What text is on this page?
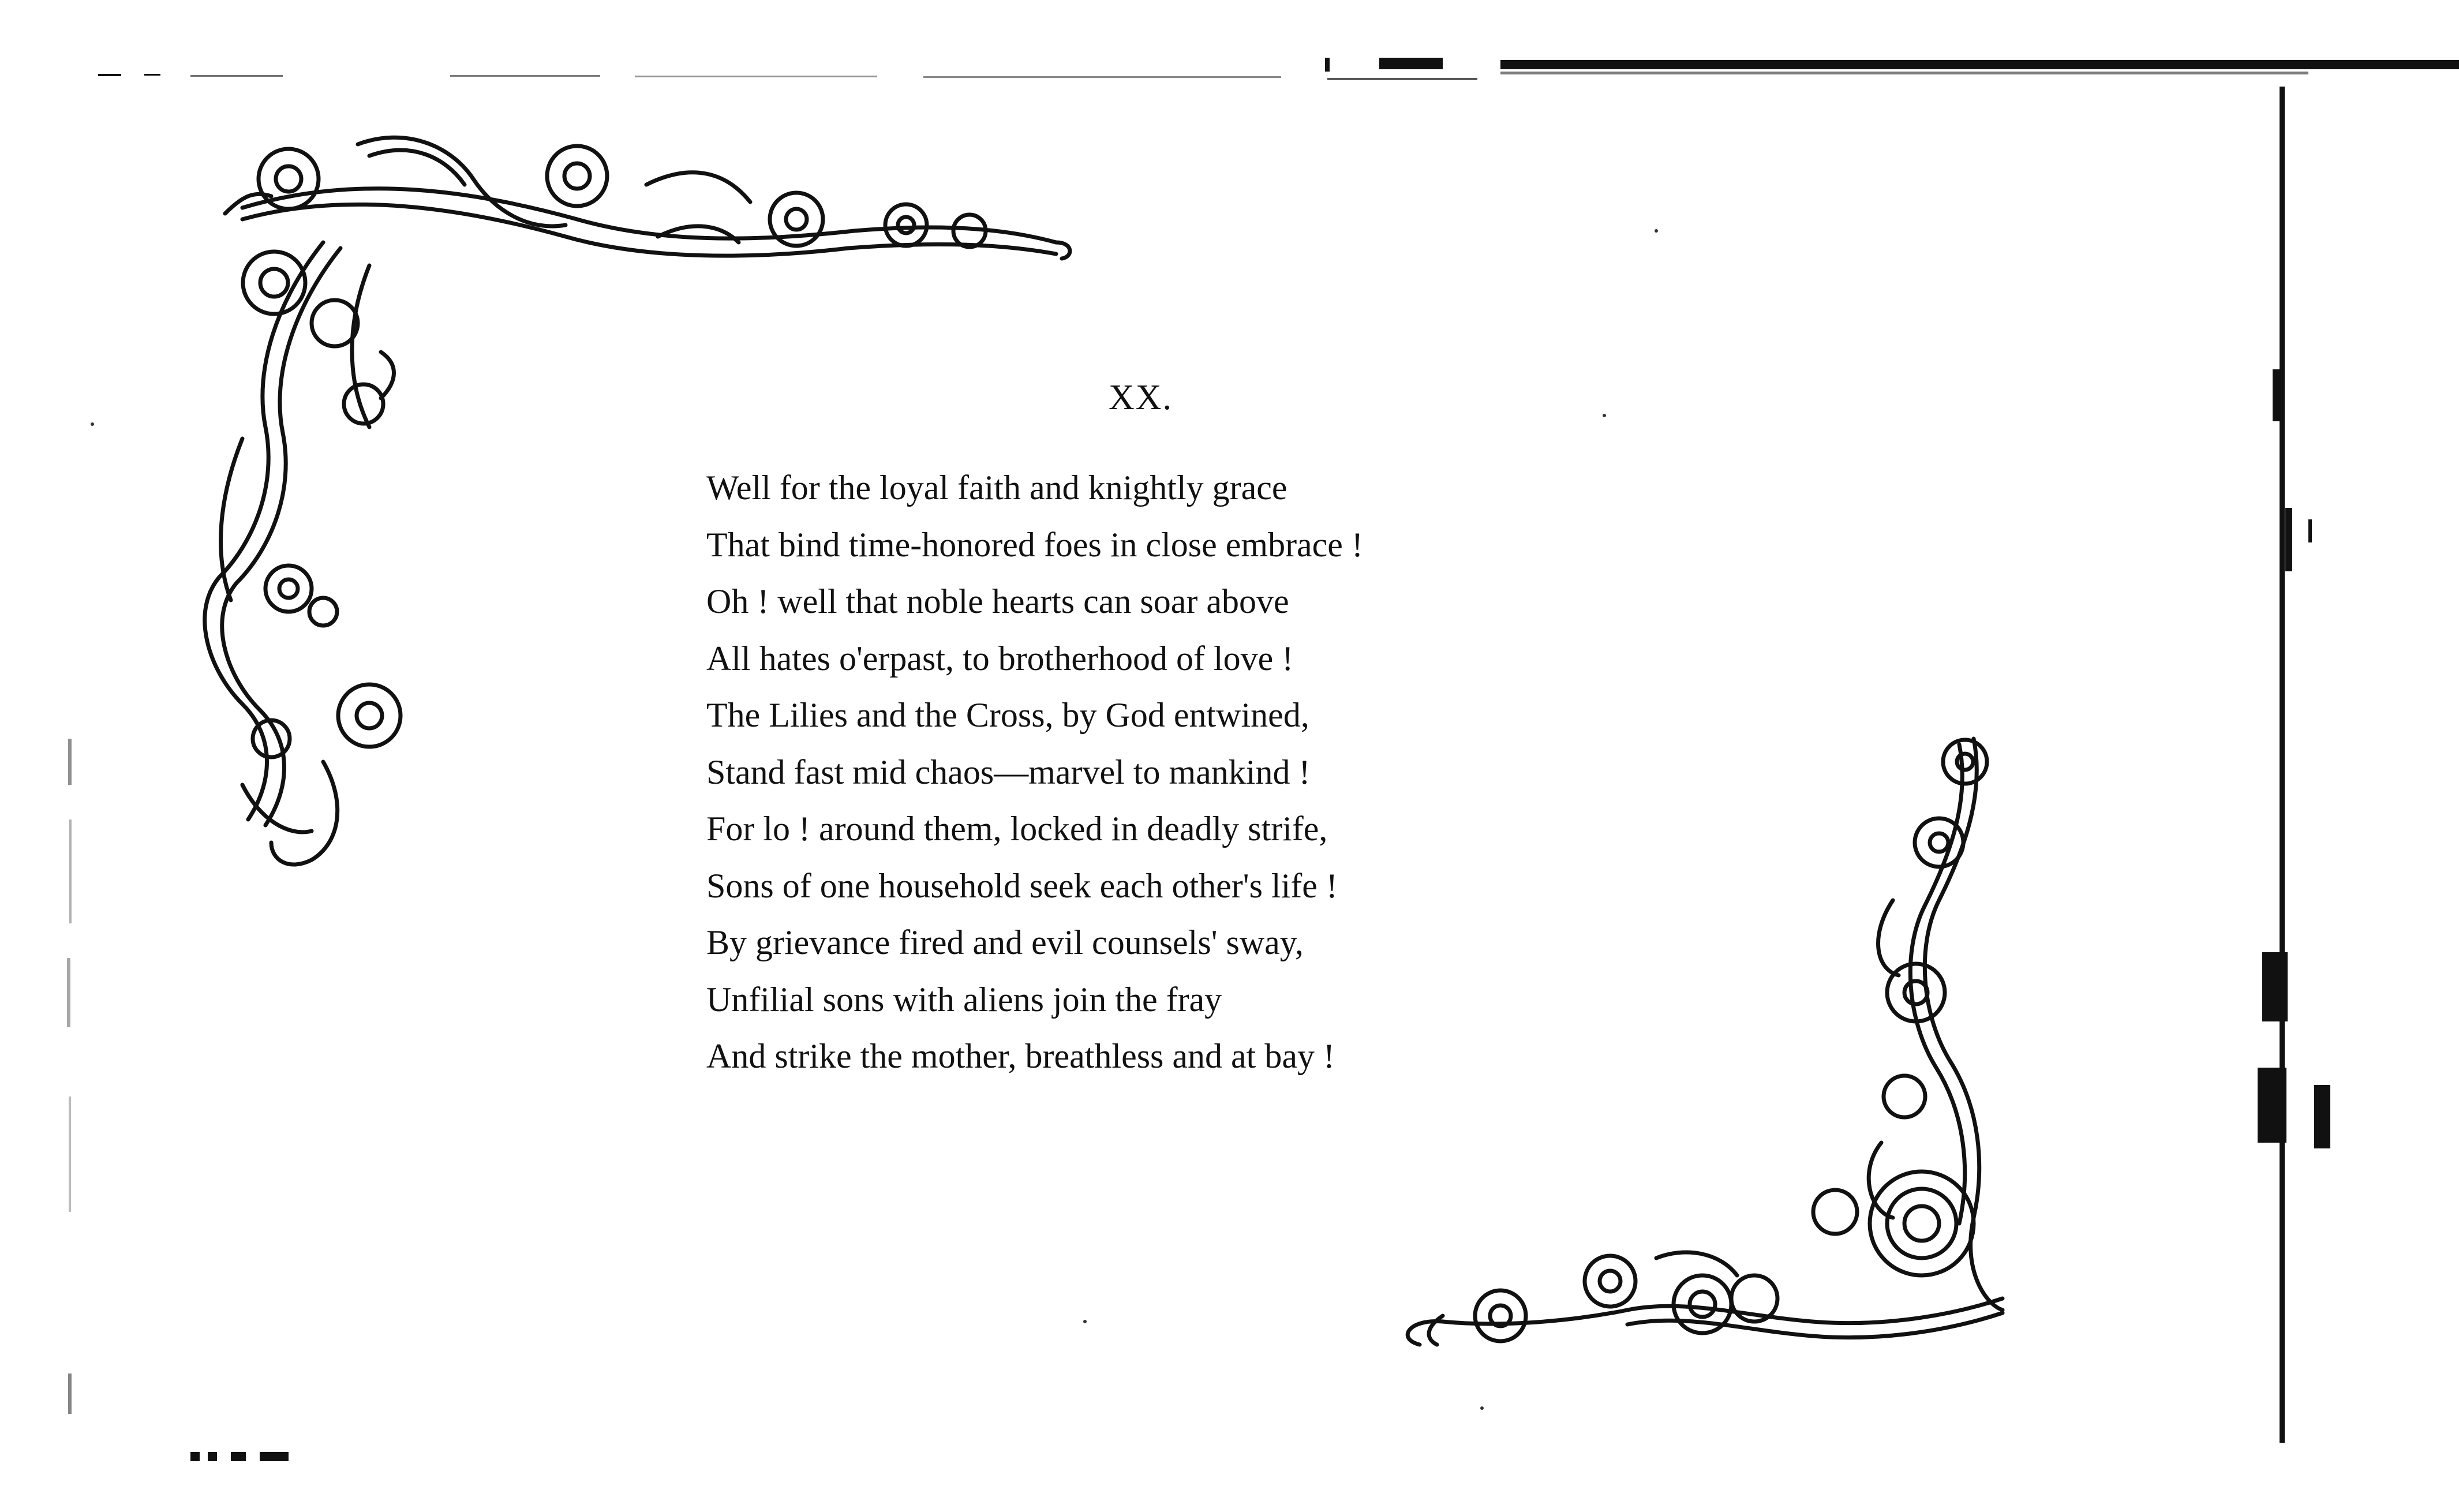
XX.
Well for the loyal faith and knightly grace
That bind time-honored foes in close embrace !
Oh ! well that noble hearts can soar above
All hates o'erpast, to brotherhood of love !
The Lilies and the Cross, by God entwined,
Stand fast mid chaos—marvel to mankind !
For lo ! around them, locked in deadly strife,
Sons of one household seek each other's life !
By grievance fired and evil counsels' sway,
Unfilial sons with aliens join the fray
And strike the mother, breathless and at bay !
